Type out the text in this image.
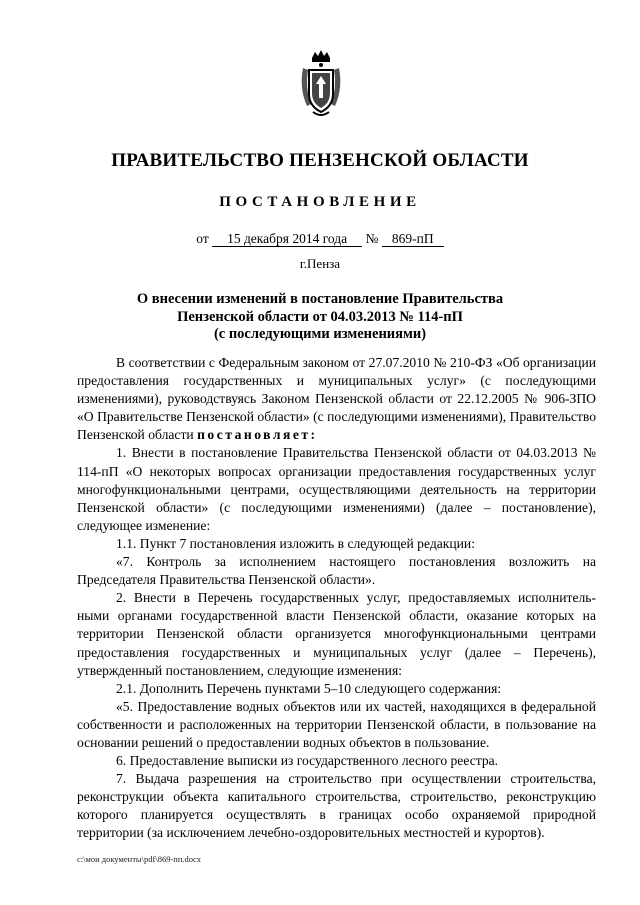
ПРАВИТЕЛЬСТВО ПЕНЗЕНСКОЙ ОБЛАСТИ
ПОСТАНОВЛЕНИЕ
от 15 декабря 2014 года № 869-пП
г.Пенза
О внесении изменений в постановление Правительства
Пензенской области от 04.03.2013 № 114-пП
(с последующими изменениями)

В соответствии с Федеральным законом от 27.07.2010 № 210-ФЗ «Об организации предоставления государственных и муниципальных услуг» (с последующими изменениями), руководствуясь Законом Пензенской области от 22.12.2005 № 906-ЗПО «О Правительстве Пензенской области» (с последующими изменениями), Правительство Пензенской области постановляет:

1. Внести в постановление Правительства Пензенской области от 04.03.2013 № 114-пП «О некоторых вопросах организации предоставления государственных услуг многофункциональными центрами, осуществляющими деятельность на территории Пензенской области» (с последующими изменениями) (далее – постановление), следующее изменение:

1.1. Пункт 7 постановления изложить в следующей редакции:

«7. Контроль за исполнением настоящего постановления возложить на Председателя Правительства Пензенской области».

2. Внести в Перечень государственных услуг, предоставляемых исполнитель-ными органами государственной власти Пензенской области, оказание которых на территории Пензенской области организуется многофункциональными центрами предоставления государственных и муниципальных услуг (далее – Перечень), утвержденный постановлением, следующие изменения:

2.1. Дополнить Перечень пунктами 5–10 следующего содержания:

«5. Предоставление водных объектов или их частей, находящихся в федеральной собственности и расположенных на территории Пензенской области, в пользование на основании решений о предоставлении водных объектов в пользование.

6. Предоставление выписки из государственного лесного реестра.

7. Выдача разрешения на строительство при осуществлении строительства, реконструкции объекта капитального строительства, строительство, реконструкцию которого планируется осуществлять в границах особо охраняемой природной территории (за исключением лечебно-оздоровительных местностей и курортов).

c:\мои документы\pdf\869-пп.docx
